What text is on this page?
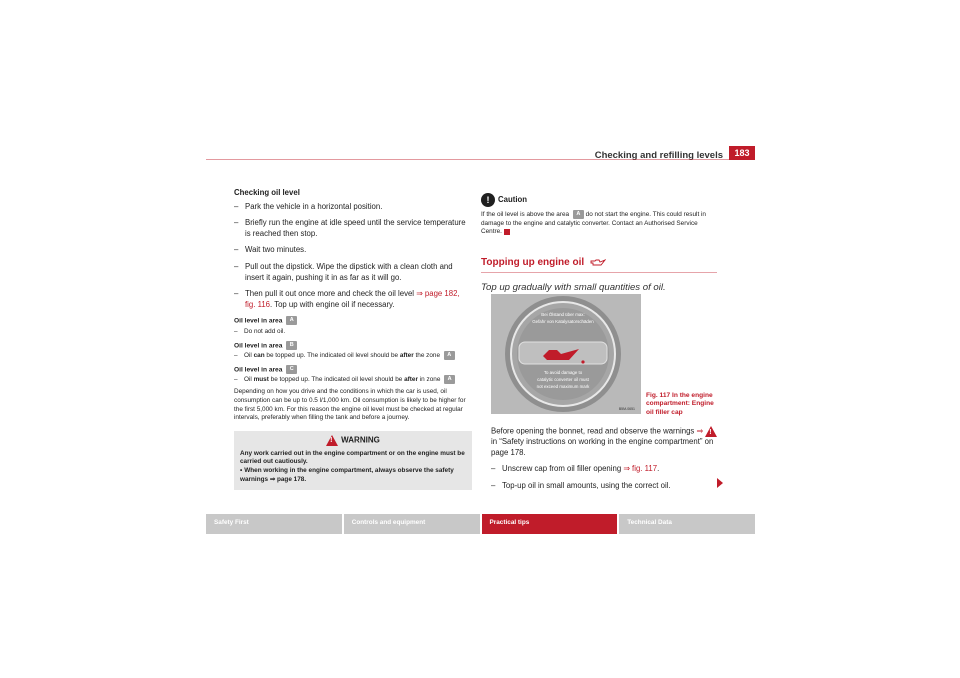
Checking and refilling levels	183
Checking oil level
– Park the vehicle in a horizontal position.
– Briefly run the engine at idle speed until the service temperature is reached then stop.
– Wait two minutes.
– Pull out the dipstick. Wipe the dipstick with a clean cloth and insert it again, pushing it in as far as it will go.
– Then pull it out once more and check the oil level ⇒ page 182, fig. 116. Top up with engine oil if necessary.
Oil level in area A
– Do not add oil.
Oil level in area B
– Oil can be topped up. The indicated oil level should be after the zone A
Oil level in area C
– Oil must be topped up. The indicated oil level should be after in zone A
Depending on how you drive and the conditions in which the car is used, oil consumption can be up to 0.5 l/1,000 km. Oil consumption is likely to be higher for the first 5,000 km. For this reason the engine oil level must be checked at regular intervals, preferably when filling the tank and before a journey.
!WARNING
Any work carried out in the engine compartment or on the engine must be carried out cautiously.
• When working in the engine compartment, always observe the safety warnings ⇒ page 178.
! Caution
If the oil level is above the area A do not start the engine. This could result in damage to the engine and catalytic converter. Contact an Authorised Service Centre.
Topping up engine oil
Top up gradually with small quantities of oil.
Bei Ölstand über max:
Gefahr von Katalysatorschäden
To avoid damage to
catalytic converter oil must
not exceed maximum mark
B5M-0651
Fig. 117 In the engine compartment: Engine oil filler cap
Before opening the bonnet, read and observe the warnings ⇒ ! in “Safety instructions on working in the engine compartment” on page 178.
– Unscrew cap from oil filler opening ⇒ fig. 117.
– Top-up oil in small amounts, using the correct oil.
Safety First	Controls and equipment	Practical tips	Technical Data
